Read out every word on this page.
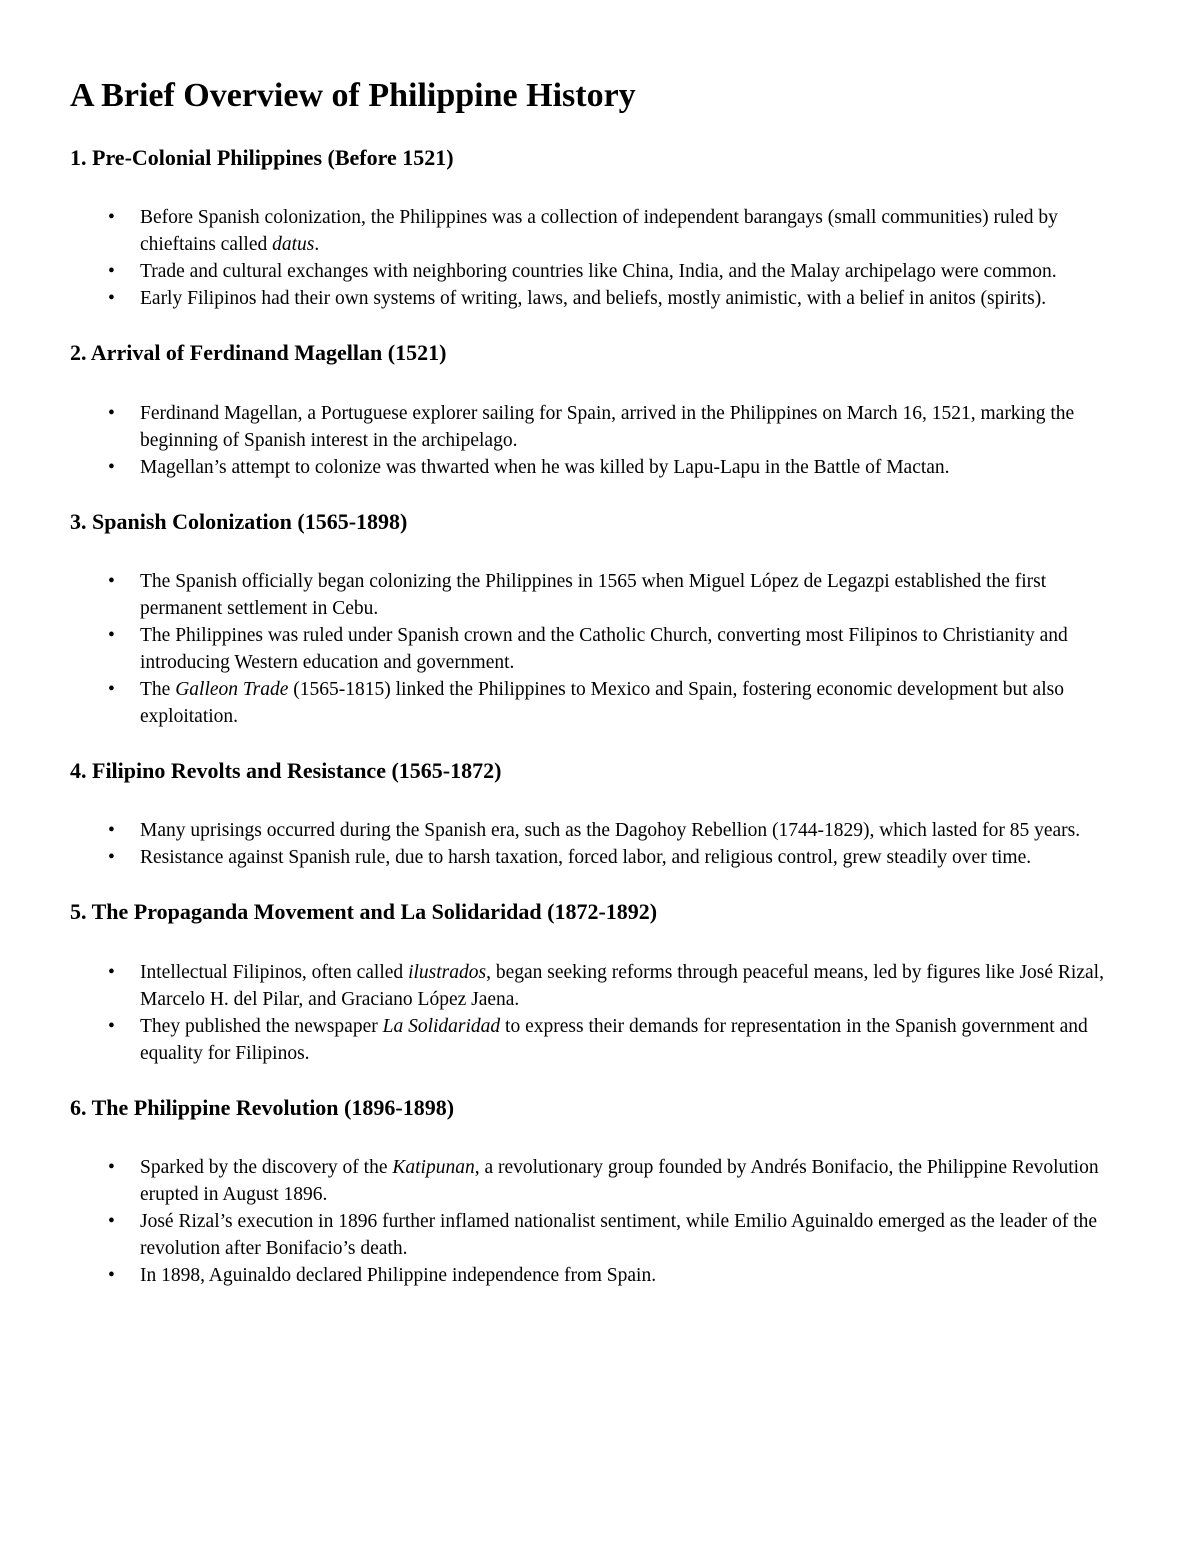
A Brief Overview of Philippine History
1. Pre-Colonial Philippines (Before 1521)
• Before Spanish colonization, the Philippines was a collection of independent barangays (small communities) ruled by chieftains called datus.
• Trade and cultural exchanges with neighboring countries like China, India, and the Malay archipelago were common.
• Early Filipinos had their own systems of writing, laws, and beliefs, mostly animistic, with a belief in anitos (spirits).
2. Arrival of Ferdinand Magellan (1521)
• Ferdinand Magellan, a Portuguese explorer sailing for Spain, arrived in the Philippines on March 16, 1521, marking the beginning of Spanish interest in the archipelago.
• Magellan’s attempt to colonize was thwarted when he was killed by Lapu-Lapu in the Battle of Mactan.
3. Spanish Colonization (1565-1898)
• The Spanish officially began colonizing the Philippines in 1565 when Miguel López de Legazpi established the first permanent settlement in Cebu.
• The Philippines was ruled under Spanish crown and the Catholic Church, converting most Filipinos to Christianity and introducing Western education and government.
• The Galleon Trade (1565-1815) linked the Philippines to Mexico and Spain, fostering economic development but also exploitation.
4. Filipino Revolts and Resistance (1565-1872)
• Many uprisings occurred during the Spanish era, such as the Dagohoy Rebellion (1744-1829), which lasted for 85 years.
• Resistance against Spanish rule, due to harsh taxation, forced labor, and religious control, grew steadily over time.
5. The Propaganda Movement and La Solidaridad (1872-1892)
• Intellectual Filipinos, often called ilustrados, began seeking reforms through peaceful means, led by figures like José Rizal, Marcelo H. del Pilar, and Graciano López Jaena.
• They published the newspaper La Solidaridad to express their demands for representation in the Spanish government and equality for Filipinos.
6. The Philippine Revolution (1896-1898)
• Sparked by the discovery of the Katipunan, a revolutionary group founded by Andrés Bonifacio, the Philippine Revolution erupted in August 1896.
• José Rizal’s execution in 1896 further inflamed nationalist sentiment, while Emilio Aguinaldo emerged as the leader of the revolution after Bonifacio’s death.
• In 1898, Aguinaldo declared Philippine independence from Spain.
